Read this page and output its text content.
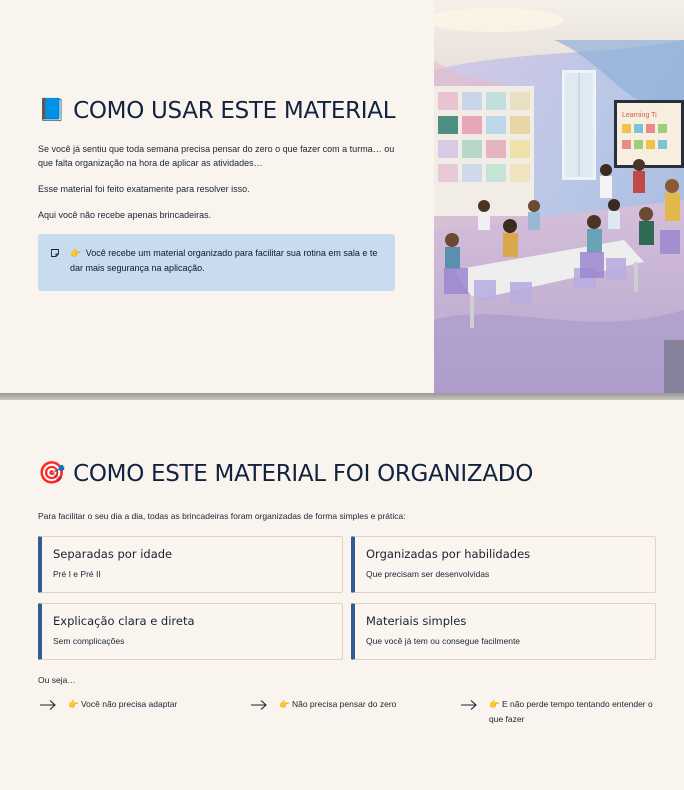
📘 COMO USAR ESTE MATERIAL

Se você já sentiu que toda semana precisa pensar do zero o que fazer com a turma… ou que falta organização na hora de aplicar as atividades…

Esse material foi feito exatamente para resolver isso.

Aqui você não recebe apenas brincadeiras.

👉 Você recebe um material organizado para facilitar sua rotina em sala e te dar mais segurança na aplicação.
Learning Ti
🎯 COMO ESTE MATERIAL FOI ORGANIZADO

Para facilitar o seu dia a dia, todas as brincadeiras foram organizadas de forma simples e prática:

Separadas por idade
Pré I e Pré II
Organizadas por habilidades
Que precisam ser desenvolvidas
Explicação clara e direta
Sem complicações
Materiais simples
Que você já tem ou consegue facilmente

Ou seja…

👉 Você não precisa adaptar	👉 Não precisa pensar do zero	👉 E não perde tempo tentando entender o que fazer
